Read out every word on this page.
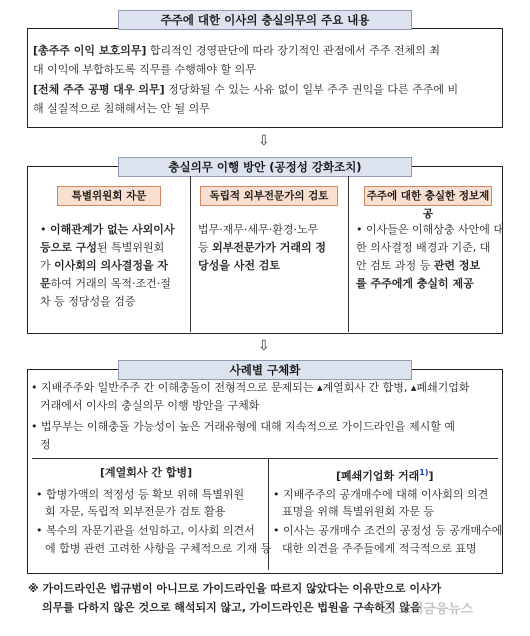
주주에 대한 이사의 충실의무의 주요 내용
[총주주 이익 보호의무] 합리적인 경영판단에 따라 장기적인 관점에서 주주 전체의 최
대 이익에 부합하도록 직무를 수행해야 할 의무
[전체 주주 공평 대우 의무] 정당화될 수 있는 사유 없이 일부 주주 권익을 다른 주주에 비
해 실질적으로 침해해서는 안 될 의무
⇩
충실의무 이행 방안 (공정성 강화조치)
특별위원회 자문	독립적 외부전문가의 검토	주주에 대한 충실한 정보제공
• 이해관계가 없는 사외이사
등으로 구성된 특별위원회
가 이사회의 의사결정을 자
문하여 거래의 목적·조건·절
차 등 정당성을 검증
법무·재무·세무·환경·노무
등 외부전문가가 거래의 정
당성을 사전 검토
• 이사들은 이해상충 사안에 대
한 의사결정 배경과 기준, 대
안 검토 과정 등 관련 정보
를 주주에게 충실히 제공
⇩
사례별 구체화
• 지배주주와 일반주주 간 이해충돌이 전형적으로 문제되는 ▴계열회사 간 합병, ▴폐쇄기업화
거래에서 이사의 충실의무 이행 방안을 구체화
• 법무부는 이해충돌 가능성이 높은 거래유형에 대해 지속적으로 가이드라인을 제시할 예
정
[계열회사 간 합병]
• 합병가액의 적정성 등 확보 위해 특별위원
회 자문, 독립적 외부전문가 검토 활용
• 복수의 자문기관을 선임하고, 이사회 의견서
에 합병 관련 고려한 사항을 구체적으로 기재 등
[폐쇄기업화 거래$^{1)}$]
• 지배주주의 공개매수에 대해 이사회의 의견
표명을 위해 특별위원회 자문 등
• 이사는 공개매수 조건의 공정성 등 공개매수에
대한 의견을 주주들에게 적극적으로 표명
※ 가이드라인은 법규범이 아니므로 가이드라인을 따르지 않았다는 이유만으로 이사가
의무를 다하지 않은 것으로 해석되지 않고, 가이드라인은 법원을 구속하지 않음
조세금융뉴스
